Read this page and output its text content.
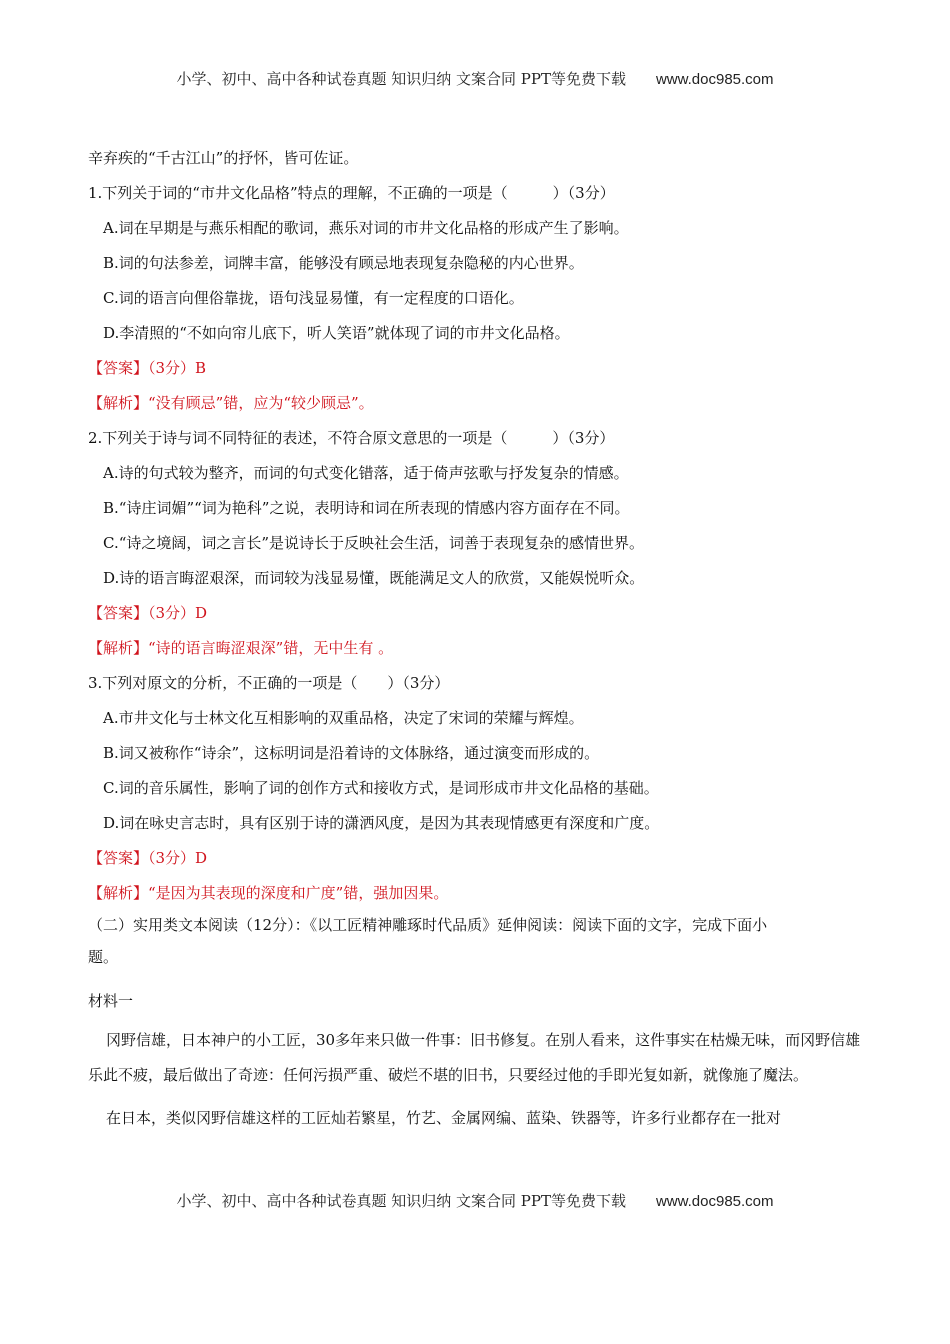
小学、初中、高中各种试卷真题 知识归纳 文案合同 PPT等免费下载 www.doc985.com

辛弃疾的“千古江山”的抒怀，皆可佐证。

1.下列关于词的“市井文化品格”特点的理解，不正确的一项是（　　　）（3分）

A.词在早期是与燕乐相配的歌词，燕乐对词的市井文化品格的形成产生了影响。

B.词的句法参差，词牌丰富，能够没有顾忌地表现复杂隐秘的内心世界。

C.词的语言向俚俗靠拢，语句浅显易懂，有一定程度的口语化。

D.李清照的“不如向帘儿底下，听人笑语”就体现了词的市井文化品格。

【答案】（3分）B

【解析】“没有顾忌”错，应为“较少顾忌”。

2.下列关于诗与词不同特征的表述，不符合原文意思的一项是（　　　）（3分）

A.诗的句式较为整齐，而词的句式变化错落，适于倚声弦歌与抒发复杂的情感。

B.“诗庄词媚”“词为艳科”之说，表明诗和词在所表现的情感内容方面存在不同。

C.“诗之境阔，词之言长”是说诗长于反映社会生活，词善于表现复杂的感情世界。

D.诗的语言晦涩艰深，而词较为浅显易懂，既能满足文人的欣赏，又能娱悦听众。

【答案】（3分）D

【解析】“诗的语言晦涩艰深”错，无中生有 。

3.下列对原文的分析，不正确的一项是（　　）（3分）

A.市井文化与士林文化互相影响的双重品格，决定了宋词的荣耀与辉煌。

B.词又被称作“诗余”，这标明词是沿着诗的文体脉络，通过演变而形成的。

C.词的音乐属性，影响了词的创作方式和接收方式，是词形成市井文化品格的基础。

D.词在咏史言志时，具有区别于诗的潇洒风度，是因为其表现情感更有深度和广度。

【答案】（3分）D

【解析】“是因为其表现的深度和广度”错，强加因果。

（二）实用类文本阅读（12分）：《以工匠精神雕琢时代品质》延伸阅读：阅读下面的文字，完成下面小

题。

材料一

冈野信雄，日本神户的小工匠，30多年来只做一件事：旧书修复。在别人看来，这件事实在枯燥无味，而冈野信雄乐此不疲，最后做出了奇迹：任何污损严重、破烂不堪的旧书，只要经过他的手即光复如新，就像施了魔法。

在日本，类似冈野信雄这样的工匠灿若繁星，竹艺、金属网编、蓝染、铁器等，许多行业都存在一批对

小学、初中、高中各种试卷真题 知识归纳 文案合同 PPT等免费下载 www.doc985.com
